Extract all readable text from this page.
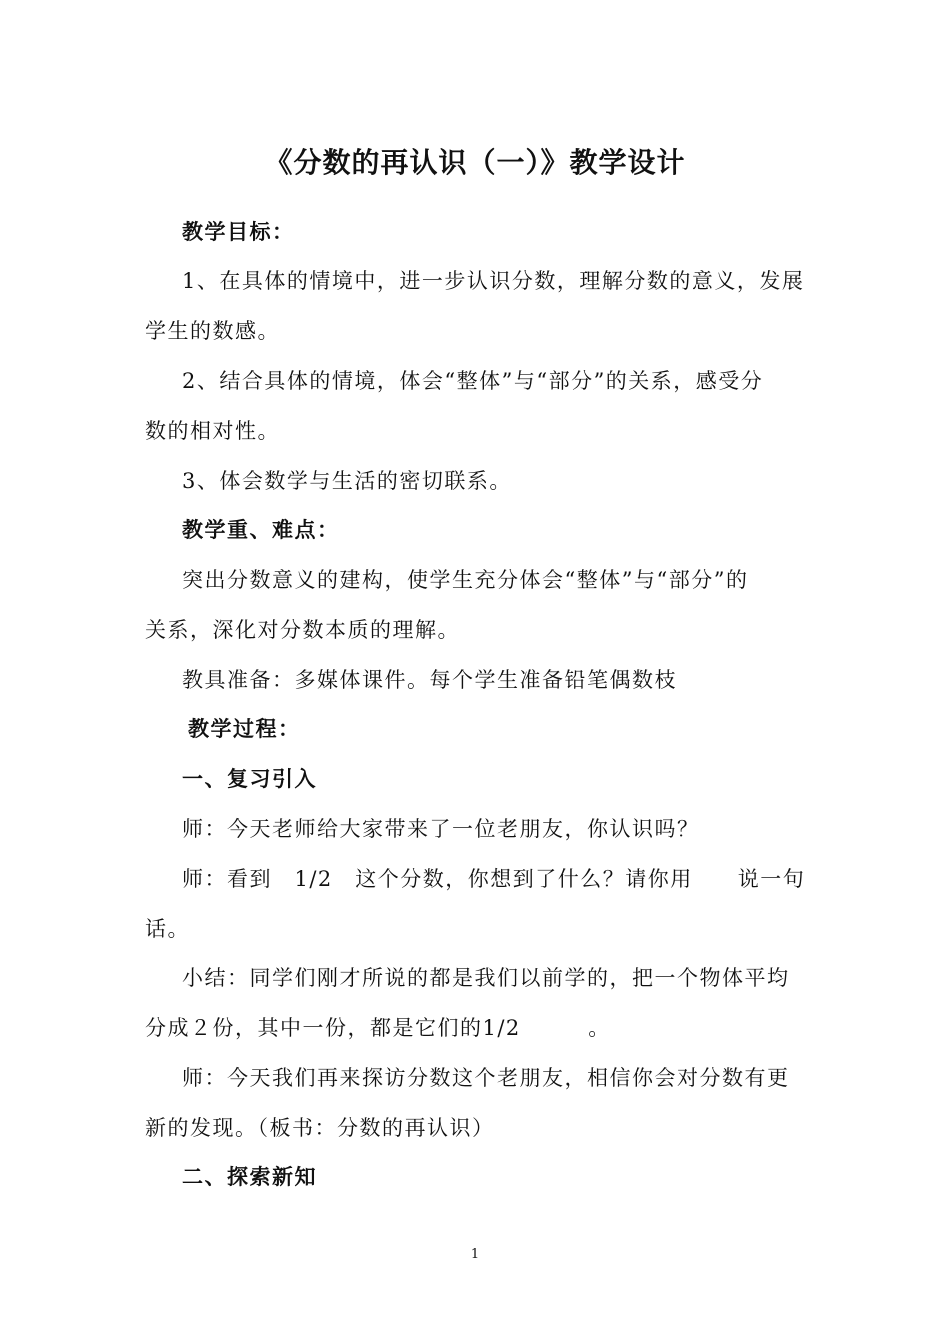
《分数的再认识（一）》教学设计
教学目标：
1、在具体的情境中，进一步认识分数，理解分数的意义，发展
学生的数感。
2、结合具体的情境，体会“整体”与“部分”的关系，感受分
数的相对性。
3、体会数学与生活的密切联系。
教学重、难点：
突出分数意义的建构，使学生充分体会“整体”与“部分”的
关系，深化对分数本质的理解。
教具准备：多媒体课件。每个学生准备铅笔偶数枝
教学过程：
一、复习引入
师：今天老师给大家带来了一位老朋友，你认识吗？
师：看到　1/2　这个分数，你想到了什么？请你用　　说一句
话。
小结：同学们刚才所说的都是我们以前学的，把一个物体平均
分成２份，其中一份，都是它们的1/2　　　。
师：今天我们再来探访分数这个老朋友，相信你会对分数有更
新的发现。（板书：分数的再认识）
二、探索新知
1
